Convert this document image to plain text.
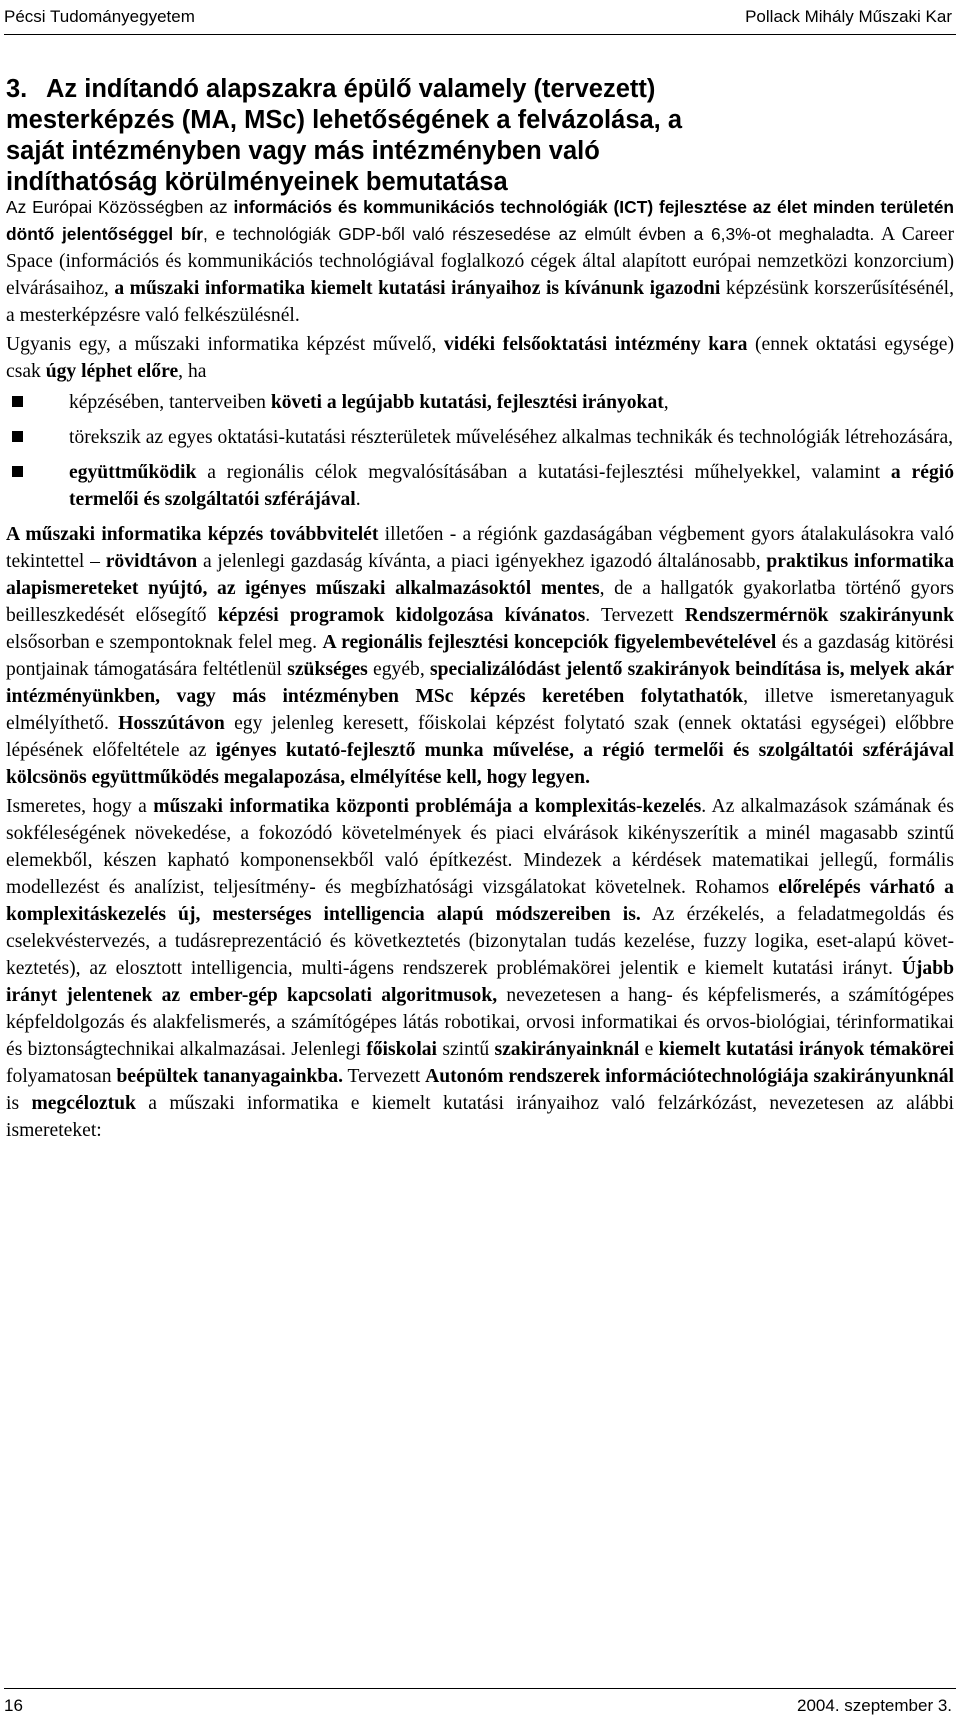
Pécsi Tudományegyetem	Pollack Mihály Műszaki Kar
3. Az indítandó alapszakra épülő valamely (tervezett) mesterképzés (MA, MSc) lehetőségének a felvázolása, a saját intézményben vagy más intézményben való indíthatóság körülményeinek bemutatása

Az Európai Közösségben az információs és kommunikációs technológiák (ICT) fejlesztése az élet minden területén döntő jelentőséggel bír, e technológiák GDP-ből való részesedése az elmúlt évben a 6,3%-ot meghaladta. A Career Space (információs és kommunikációs technológiával foglalkozó cégek által alapított európai nemzetközi konzorcium) elvárásaihoz, a műszaki informatika kiemelt kutatási irányaihoz is kívánunk igazodni képzésünk korszerűsítésénél, a mesterképzésre való felkészülésnél.

Ugyanis egy, a műszaki informatika képzést művelő, vidéki felsőoktatási intézmény kara (ennek oktatási egysége) csak úgy léphet előre, ha

képzésében, tanterveiben követi a legújabb kutatási, fejlesztési irányokat,
törekszik az egyes oktatási-kutatási részterületek műveléséhez alkalmas technikák és technológiák létrehozására,
együttműködik a regionális célok megvalósításában a kutatási-fejlesztési műhelyekkel, valamint a régió termelői és szolgáltatói szférájával.

A műszaki informatika képzés továbbvitelét illetően - a régiónk gazdaságában végbement gyors átalakulásokra való tekintettel – rövidtávon a jelenlegi gazdaság kívánta, a piaci igényekhez igazodó általánosabb, praktikus informatika alapismereteket nyújtó, az igényes műszaki alkalmazásoktól mentes, de a hallgatók gyakorlatba történő gyors beilleszkedését elősegítő képzési programok kidolgozása kívánatos. Tervezett Rendszermérnök szakirányunk elsősorban e szempontoknak felel meg. A regionális fejlesztési koncepciók figyelembevételével és a gazdaság kitörési pontjainak támogatására feltétlenül szükséges egyéb, specializálódást jelentő szakirányok beindítása is, melyek akár intézményünkben, vagy más intézményben MSc képzés keretében folytathatók, illetve ismeretanyaguk elmélyíthető. Hosszútávon egy jelenleg keresett, főiskolai képzést folytató szak (ennek oktatási egységei) előbbre lépésének előfeltétele az igényes kutató-fejlesztő munka művelése, a régió termelői és szolgáltatói szférájával kölcsönös együttműködés megalapozása, elmélyítése kell, hogy legyen.

Ismeretes, hogy a műszaki informatika központi problémája a komplexitás-kezelés. Az alkalmazások számának és sokféleségének növekedése, a fokozódó követelmények és piaci elvárások kikényszerítik a minél magasabb szintű elemekből, készen kapható komponensekből való építkezést. Mindezek a kérdések matematikai jellegű, formális modellezést és analízist, teljesítmény- és megbízhatósági vizsgálatokat követelnek. Rohamos előrelépés várható a komplexitáskezelés új, mesterséges intelligencia alapú módszereiben is. Az érzékelés, a feladatmegoldás és cselekvéstervezés, a tudásreprezentáció és következtetés (bizonytalan tudás kezelése, fuzzy logika, eset-alapú következtetés), az elosztott intelligencia, multi-ágens rendszerek problémakörei jelentik e kiemelt kutatási irányt. Újabb irányt jelentenek az ember-gép kapcsolati algoritmusok, nevezetesen a hang- és képfelismerés, a számítógépes képfeldolgozás és alakfelismerés, a számítógépes látás robotikai, orvosi informatikai és orvos-biológiai, térinformatikai és biztonságtechnikai alkalmazásai. Jelenlegi főiskolai szintű szakirányainknál e kiemelt kutatási irányok témakörei folyamatosan beépültek tananyagainkba. Tervezett Autonóm rendszerek információtechnológiája szakirányunknál is megcéloztuk a műszaki informatika e kiemelt kutatási irányaihoz való felzárkózást, nevezetesen az alábbi ismereteket:

16	2004. szeptember 3.
